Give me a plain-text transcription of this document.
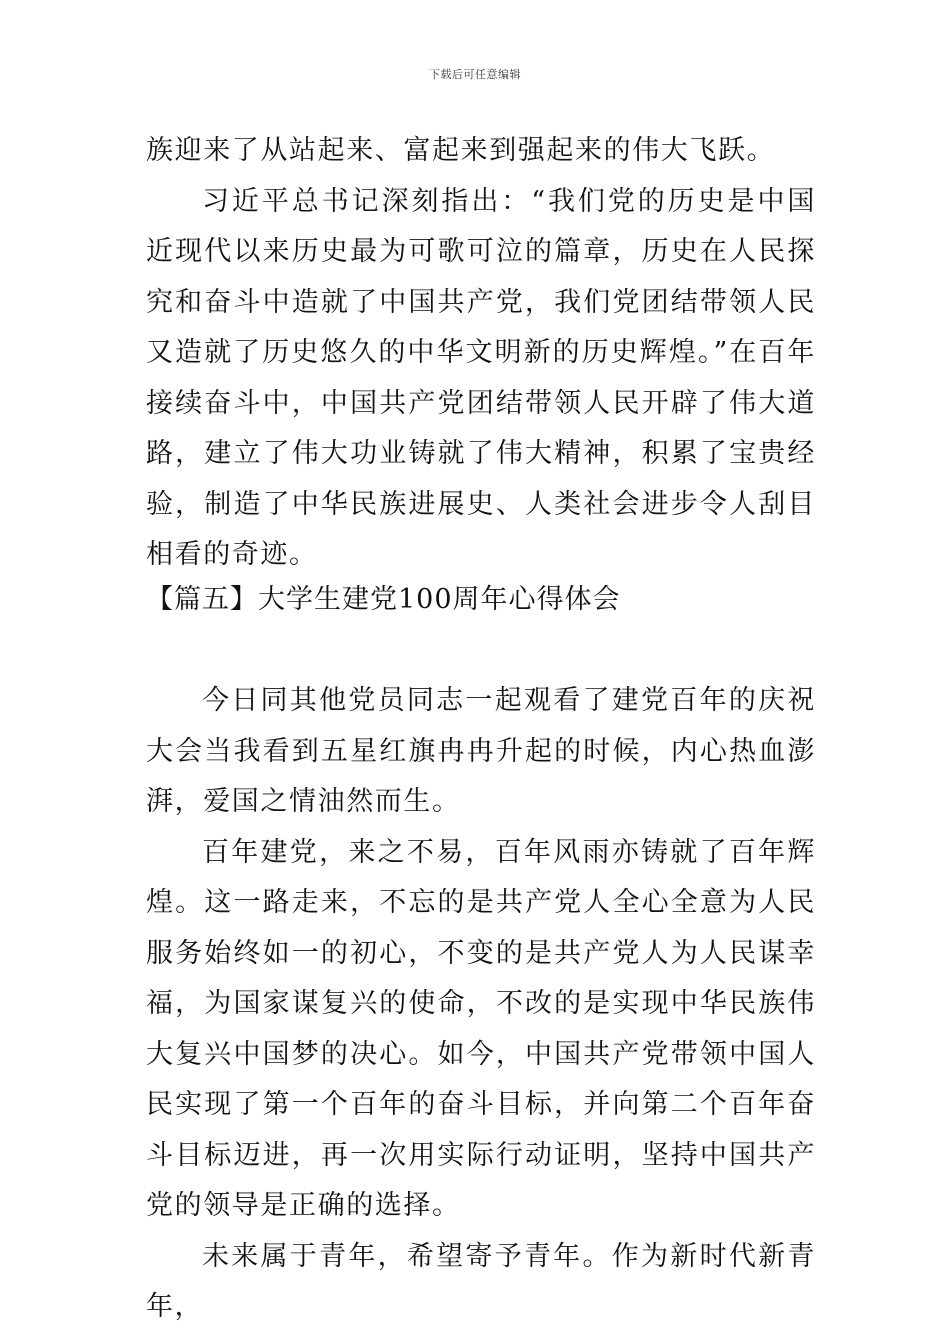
下载后可任意编辑

族迎来了从站起来、富起来到强起来的伟大飞跃。

习近平总书记深刻指出：“我们党的历史是中国近现代以来历史最为可歌可泣的篇章，历史在人民探究和奋斗中造就了中国共产党，我们党团结带领人民又造就了历史悠久的中华文明新的历史辉煌。”在百年接续奋斗中，中国共产党团结带领人民开辟了伟大道路，建立了伟大功业铸就了伟大精神，积累了宝贵经验，制造了中华民族进展史、人类社会进步令人刮目相看的奇迹。

【篇五】大学生建党100周年心得体会

今日同其他党员同志一起观看了建党百年的庆祝大会当我看到五星红旗冉冉升起的时候，内心热血澎湃，爱国之情油然而生。

百年建党，来之不易，百年风雨亦铸就了百年辉煌。这一路走来，不忘的是共产党人全心全意为人民服务始终如一的初心，不变的是共产党人为人民谋幸福，为国家谋复兴的使命，不改的是实现中华民族伟大复兴中国梦的决心。如今，中国共产党带领中国人民实现了第一个百年的奋斗目标，并向第二个百年奋斗目标迈进，再一次用实际行动证明，坚持中国共产党的领导是正确的选择。

未来属于青年，希望寄予青年。作为新时代新青年，
